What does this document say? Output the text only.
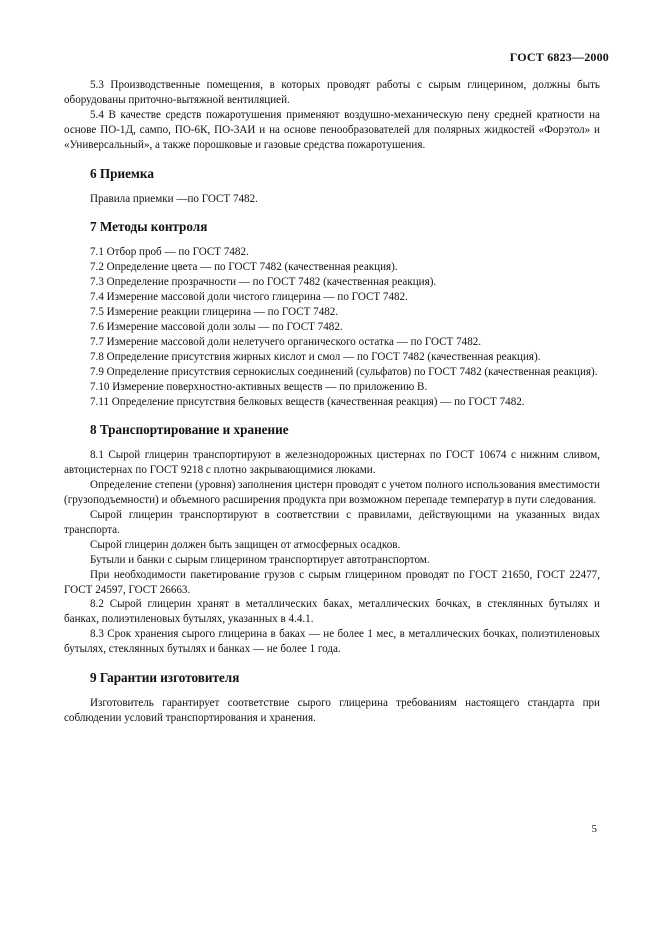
ГОСТ 6823—2000

5.3 Производственные помещения, в которых проводят работы с сырым глицерином, должны быть оборудованы приточно-вытяжной вентиляцией.

5.4 В качестве средств пожаротушения применяют воздушно-механическую пену средней кратности на основе ПО-1Д, сампо, ПО-6К, ПО-3АИ и на основе пенообразователей для полярных жидкостей «Форэтол» и «Универсальный», а также порошковые и газовые средства пожаротушения.

6 Приемка

Правила приемки —по ГОСТ 7482.

7 Методы контроля

7.1 Отбор проб — по ГОСТ 7482.

7.2 Определение цвета — по ГОСТ 7482 (качественная реакция).

7.3 Определение прозрачности — по ГОСТ 7482 (качественная реакция).

7.4 Измерение массовой доли чистого глицерина — по ГОСТ 7482.

7.5 Измерение реакции глицерина — по ГОСТ 7482.

7.6 Измерение массовой доли золы — по ГОСТ 7482.

7.7 Измерение массовой доли нелетучего органического остатка — по ГОСТ 7482.

7.8 Определение присутствия жирных кислот и смол — по ГОСТ 7482 (качественная реакция).

7.9 Определение присутствия сернокислых соединений (сульфатов) по ГОСТ 7482 (качественная реакция).

7.10 Измерение поверхностно-активных веществ — по приложению В.

7.11 Определение присутствия белковых веществ (качественная реакция) — по ГОСТ 7482.

8 Транспортирование и хранение

8.1 Сырой глицерин транспортируют в железнодорожных цистернах по ГОСТ 10674 с нижним сливом, автоцистернах по ГОСТ 9218 с плотно закрывающимися люками.

Определение степени (уровня) заполнения цистерн проводят с учетом полного использования вместимости (грузоподъемности) и объемного расширения продукта при возможном перепаде температур в пути следования.

Сырой глицерин транспортируют в соответствии с правилами, действующими на указанных видах транспорта.

Сырой глицерин должен быть защищен от атмосферных осадков.

Бутыли и банки с сырым глицерином транспортирует автотранспортом.

При необходимости пакетирование грузов с сырым глицерином проводят по ГОСТ 21650, ГОСТ 22477, ГОСТ 24597, ГОСТ 26663.

8.2 Сырой глицерин хранят в металлических баках, металлических бочках, в стеклянных бутылях и банках, полиэтиленовых бутылях, указанных в 4.4.1.

8.3 Срок хранения сырого глицерина в баках — не более 1 мес, в металлических бочках, полиэтиленовых бутылях, стеклянных бутылях и банках — не более 1 года.

9 Гарантии изготовителя

Изготовитель гарантирует соответствие сырого глицерина требованиям настоящего стандарта при соблюдении условий транспортирования и хранения.

5
